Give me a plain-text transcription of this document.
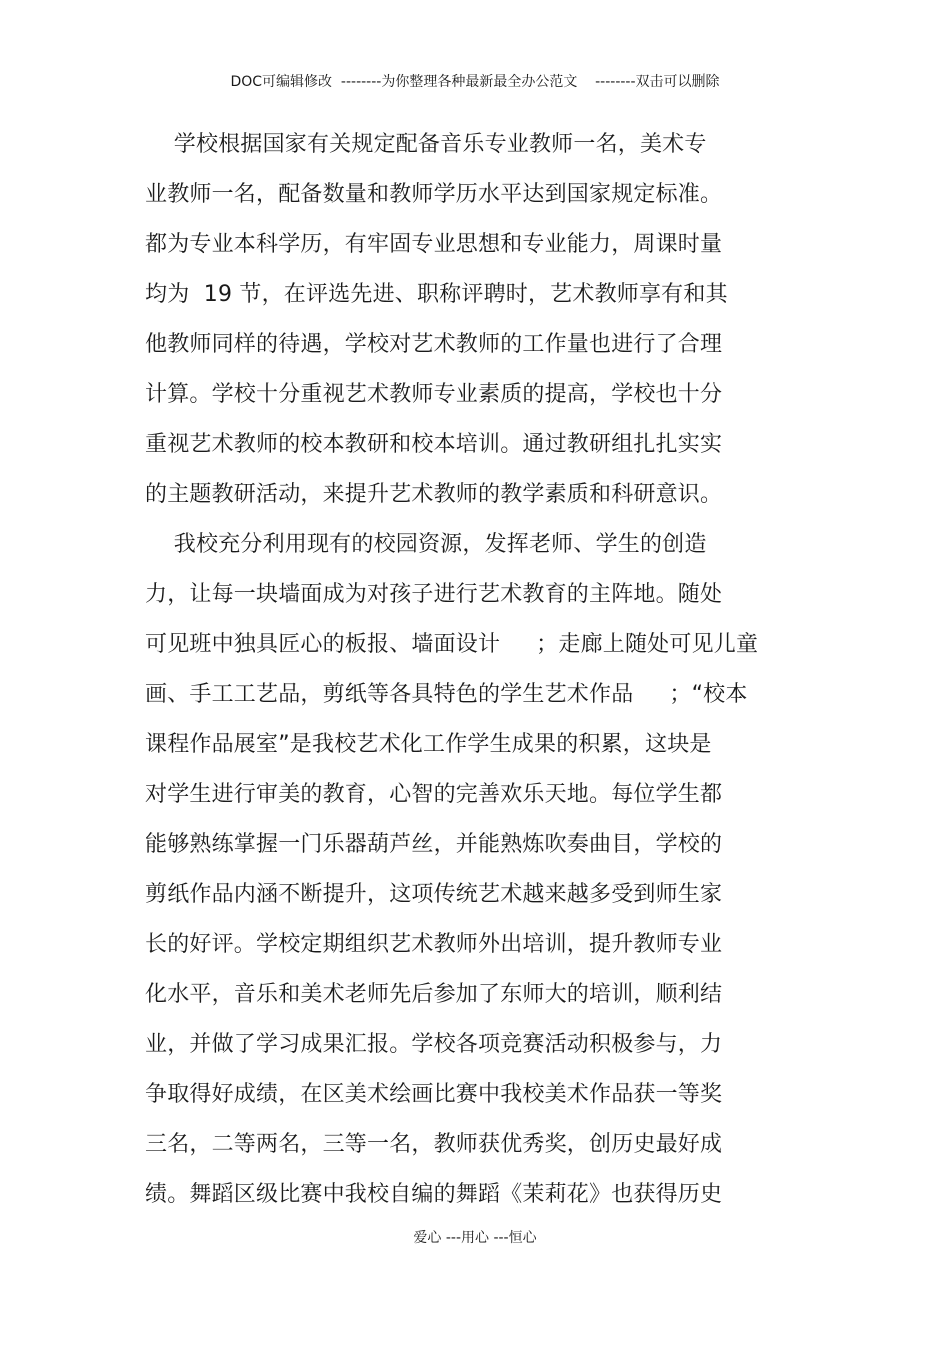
DOC可编辑修改  --------为你整理各种最新最全办公范文    --------双击可以删除
学校根据国家有关规定配备音乐专业教师一名，美术专
业教师一名，配备数量和教师学历水平达到国家规定标准。
都为专业本科学历，有牢固专业思想和专业能力，周课时量
均为  19 节，在评选先进、职称评聘时，艺术教师享有和其
他教师同样的待遇，学校对艺术教师的工作量也进行了合理
计算。学校十分重视艺术教师专业素质的提高，学校也十分
重视艺术教师的校本教研和校本培训。通过教研组扎扎实实
的主题教研活动，来提升艺术教师的教学素质和科研意识。
我校充分利用现有的校园资源，发挥老师、学生的创造
力，让每一块墙面成为对孩子进行艺术教育的主阵地。随处
可见班中独具匠心的板报、墙面设计     ；走廊上随处可见儿童
画、手工工艺品，剪纸等各具特色的学生艺术作品     ；“校本
课程作品展室”是我校艺术化工作学生成果的积累，这块是
对学生进行审美的教育，心智的完善欢乐天地。每位学生都
能够熟练掌握一门乐器葫芦丝，并能熟炼吹奏曲目，学校的
剪纸作品内涵不断提升，这项传统艺术越来越多受到师生家
长的好评。学校定期组织艺术教师外出培训，提升教师专业
化水平，音乐和美术老师先后参加了东师大的培训，顺利结
业，并做了学习成果汇报。学校各项竞赛活动积极参与，力
争取得好成绩，在区美术绘画比赛中我校美术作品获一等奖
三名，二等两名，三等一名，教师获优秀奖，创历史最好成
绩。舞蹈区级比赛中我校自编的舞蹈《茉莉花》也获得历史
爱心 ---用心 ---恒心
